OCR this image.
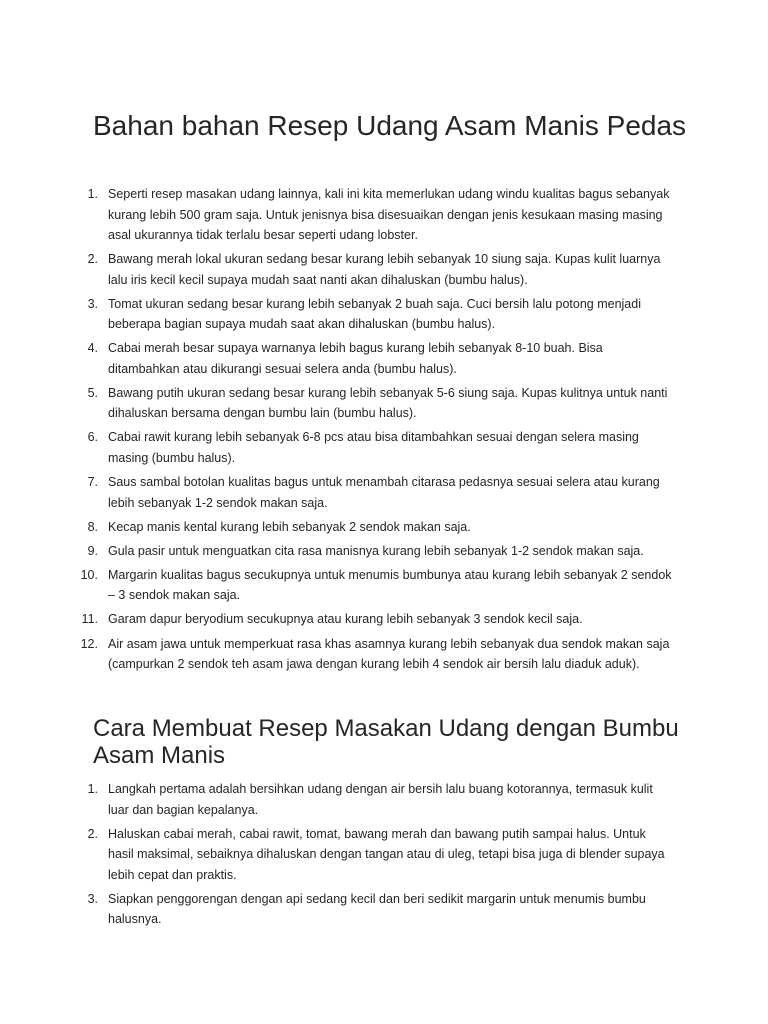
Bahan bahan Resep Udang Asam Manis Pedas
1. Seperti resep masakan udang lainnya, kali ini kita memerlukan udang windu kualitas bagus sebanyak kurang lebih 500 gram saja. Untuk jenisnya bisa disesuaikan dengan jenis kesukaan masing masing asal ukurannya tidak terlalu besar seperti udang lobster.
2. Bawang merah lokal ukuran sedang besar kurang lebih sebanyak 10 siung saja. Kupas kulit luarnya lalu iris kecil kecil supaya mudah saat nanti akan dihaluskan (bumbu halus).
3. Tomat ukuran sedang besar kurang lebih sebanyak 2 buah saja. Cuci bersih lalu potong menjadi beberapa bagian supaya mudah saat akan dihaluskan (bumbu halus).
4. Cabai merah besar supaya warnanya lebih bagus kurang lebih sebanyak 8-10 buah. Bisa ditambahkan atau dikurangi sesuai selera anda (bumbu halus).
5. Bawang putih ukuran sedang besar kurang lebih sebanyak 5-6 siung saja. Kupas kulitnya untuk nanti dihaluskan bersama dengan bumbu lain (bumbu halus).
6. Cabai rawit kurang lebih sebanyak 6-8 pcs atau bisa ditambahkan sesuai dengan selera masing masing (bumbu halus).
7. Saus sambal botolan kualitas bagus untuk menambah citarasa pedasnya sesuai selera atau kurang lebih sebanyak 1-2 sendok makan saja.
8. Kecap manis kental kurang lebih sebanyak 2 sendok makan saja.
9. Gula pasir untuk menguatkan cita rasa manisnya kurang lebih sebanyak 1-2 sendok makan saja.
10. Margarin kualitas bagus secukupnya untuk menumis bumbunya atau kurang lebih sebanyak 2 sendok – 3 sendok makan saja.
11. Garam dapur beryodium secukupnya atau kurang lebih sebanyak 3 sendok kecil saja.
12. Air asam jawa untuk memperkuat rasa khas asamnya kurang lebih sebanyak dua sendok makan saja (campurkan 2 sendok teh asam jawa dengan kurang lebih 4 sendok air bersih lalu diaduk aduk).
Cara Membuat Resep Masakan Udang dengan Bumbu Asam Manis
1. Langkah pertama adalah bersihkan udang dengan air bersih lalu buang kotorannya, termasuk kulit luar dan bagian kepalanya.
2. Haluskan cabai merah, cabai rawit, tomat, bawang merah dan bawang putih sampai halus. Untuk hasil maksimal, sebaiknya dihaluskan dengan tangan atau di uleg, tetapi bisa juga di blender supaya lebih cepat dan praktis.
3. Siapkan penggorengan dengan api sedang kecil dan beri sedikit margarin untuk menumis bumbu halusnya.
